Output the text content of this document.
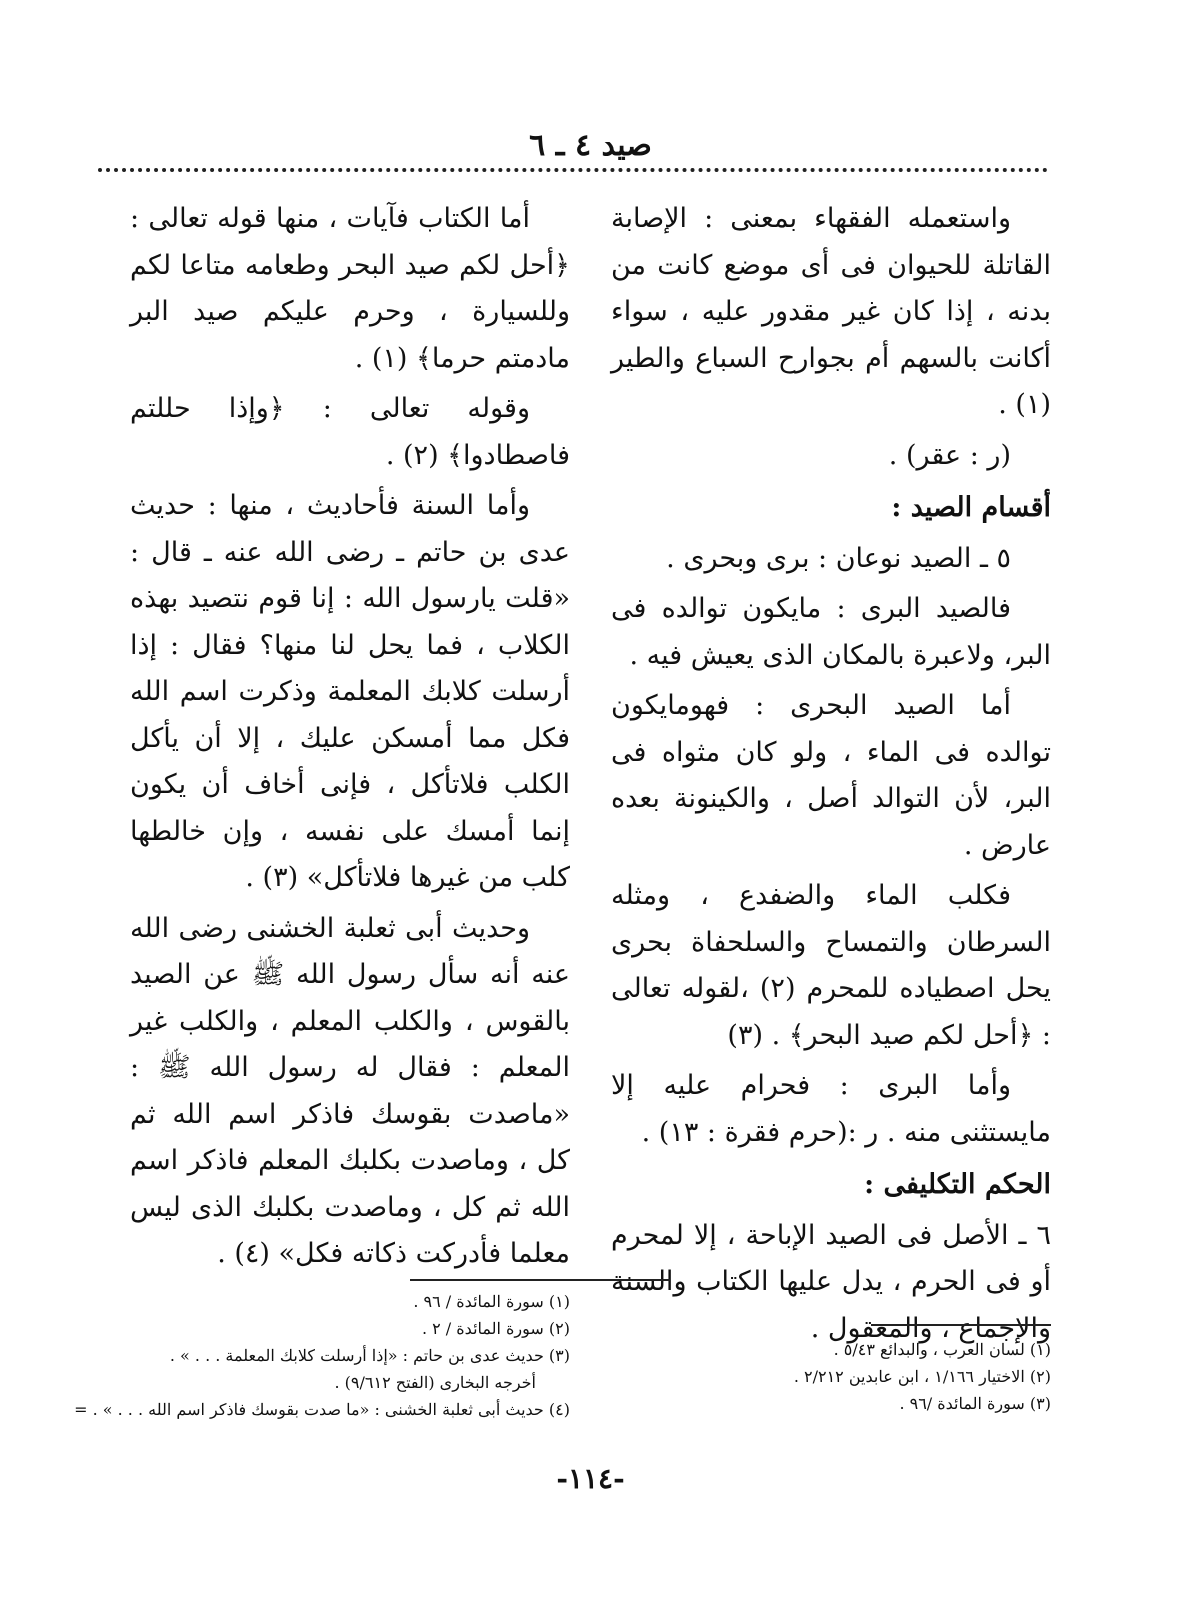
صيد ٤ ـ ٦

واستعمله الفقهاء بمعنى : الإصابة القاتلة للحيوان فى أى موضع كانت من بدنه ، إذا كان غير مقدور عليه ، سواء أكانت بالسهم أم بجوارح السباع والطير (١) .

(ر : عقر) .

أقسام الصيد :

٥ ـ الصيد نوعان : برى وبحرى .

فالصيد البرى : مايكون توالده فى البر، ولاعبرة بالمكان الذى يعيش فيه .

أما الصيد البحرى : فهومايكون توالده فى الماء ، ولو كان مثواه فى البر، لأن التوالد أصل ، والكينونة بعده عارض .

فكلب الماء والضفدع ، ومثله السرطان والتمساح والسلحفاة بحرى يحل اصطياده للمحرم (٢) ،لقوله تعالى : ﴿أحل لكم صيد البحر﴾ . (٣)

وأما البرى : فحرام عليه إلا مايستثنى منه . ر :(حرم فقرة : ١٣) .

الحكم التكليفى :

٦ ـ الأصل فى الصيد الإباحة ، إلا لمحرم أو فى الحرم ، يدل عليها الكتاب والسنة والإجماع ، والمعقول .

أما الكتاب فآيات ، منها قوله تعالى : ﴿أحل لكم صيد البحر وطعامه متاعا لكم وللسيارة ، وحرم عليكم صيد البر مادمتم حرما﴾ (١) .

وقوله تعالى : ﴿وإذا حللتم فاصطادوا﴾ (٢) .

وأما السنة فأحاديث ، منها : حديث عدى بن حاتم ـ رضى الله عنه ـ قال : «قلت يارسول الله : إنا قوم نتصيد بهذه الكلاب ، فما يحل لنا منها؟ فقال : إذا أرسلت كلابك المعلمة وذكرت اسم الله فكل مما أمسكن عليك ، إلا أن يأكل الكلب فلاتأكل ، فإنى أخاف أن يكون إنما أمسك على نفسه ، وإن خالطها كلب من غيرها فلاتأكل» (٣) .

وحديث أبى ثعلبة الخشنى رضى الله عنه أنه سأل رسول الله ﷺ عن الصيد بالقوس ، والكلب المعلم ، والكلب غير المعلم : فقال له رسول الله ﷺ : «ماصدت بقوسك فاذكر اسم الله ثم كل ، وماصدت بكلبك المعلم فاذكر اسم الله ثم كل ، وماصدت بكلبك الذى ليس معلما فأدركت ذكاته فكل» (٤) .

(١) سورة المائدة / ٩٦ .
(٢) سورة المائدة / ٢ .
(٣) حديث عدى بن حاتم : «إذا أرسلت كلابك المعلمة . . . » .
أخرجه البخارى (الفتح ٩/٦١٢) .
(٤) حديث أبى ثعلبة الخشنى : «ما صدت بقوسك فاذكر اسم الله . . . » . =
(١) لسان العرب ، والبدائع ٥/٤٣ .
(٢) الاختيار ١/١٦٦ ، ابن عابدين ٢/٢١٢ .
(٣) سورة المائدة /٩٦ .
-١١٤-
